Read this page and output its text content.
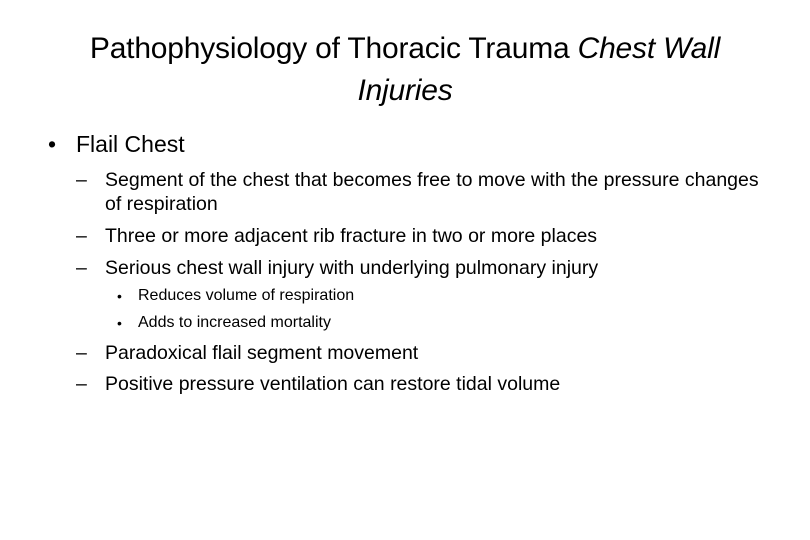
Pathophysiology of Thoracic Trauma Chest Wall Injuries
• Flail Chest
– Segment of the chest that becomes free to move with the pressure changes of respiration
– Three or more adjacent rib fracture in two or more places
– Serious chest wall injury with underlying pulmonary injury
• Reduces volume of respiration
• Adds to increased mortality
– Paradoxical flail segment movement
– Positive pressure ventilation can restore tidal volume
